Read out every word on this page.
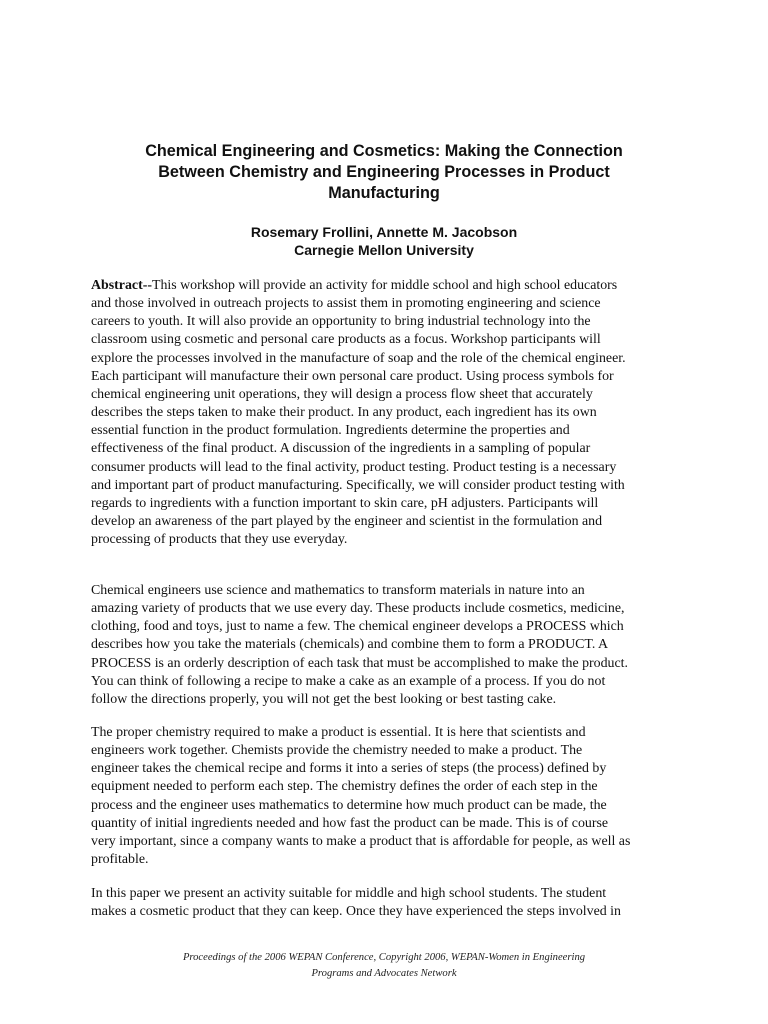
Chemical Engineering and Cosmetics: Making the Connection
Between Chemistry and Engineering Processes in Product
Manufacturing
Rosemary Frollini, Annette M. Jacobson
Carnegie Mellon University
Abstract--This workshop will provide an activity for middle school and high school educators
and those involved in outreach projects to assist them in promoting engineering and science
careers to youth. It will also provide an opportunity to bring industrial technology into the
classroom using cosmetic and personal care products as a focus. Workshop participants will
explore the processes involved in the manufacture of soap and the role of the chemical engineer.
Each participant will manufacture their own personal care product. Using process symbols for
chemical engineering unit operations, they will design a process flow sheet that accurately
describes the steps taken to make their product. In any product, each ingredient has its own
essential function in the product formulation. Ingredients determine the properties and
effectiveness of the final product. A discussion of the ingredients in a sampling of popular
consumer products will lead to the final activity, product testing. Product testing is a necessary
and important part of product manufacturing. Specifically, we will consider product testing with
regards to ingredients with a function important to skin care, pH adjusters. Participants will
develop an awareness of the part played by the engineer and scientist in the formulation and
processing of products that they use everyday.
Chemical engineers use science and mathematics to transform materials in nature into an
amazing variety of products that we use every day. These products include cosmetics, medicine,
clothing, food and toys, just to name a few. The chemical engineer develops a PROCESS which
describes how you take the materials (chemicals) and combine them to form a PRODUCT. A
PROCESS is an orderly description of each task that must be accomplished to make the product.
You can think of following a recipe to make a cake as an example of a process. If you do not
follow the directions properly, you will not get the best looking or best tasting cake.
The proper chemistry required to make a product is essential. It is here that scientists and
engineers work together. Chemists provide the chemistry needed to make a product. The
engineer takes the chemical recipe and forms it into a series of steps (the process) defined by
equipment needed to perform each step. The chemistry defines the order of each step in the
process and the engineer uses mathematics to determine how much product can be made, the
quantity of initial ingredients needed and how fast the product can be made. This is of course
very important, since a company wants to make a product that is affordable for people, as well as
profitable.
In this paper we present an activity suitable for middle and high school students. The student
makes a cosmetic product that they can keep. Once they have experienced the steps involved in
Proceedings of the 2006 WEPAN Conference, Copyright 2006, WEPAN-Women in Engineering
Programs and Advocates Network
